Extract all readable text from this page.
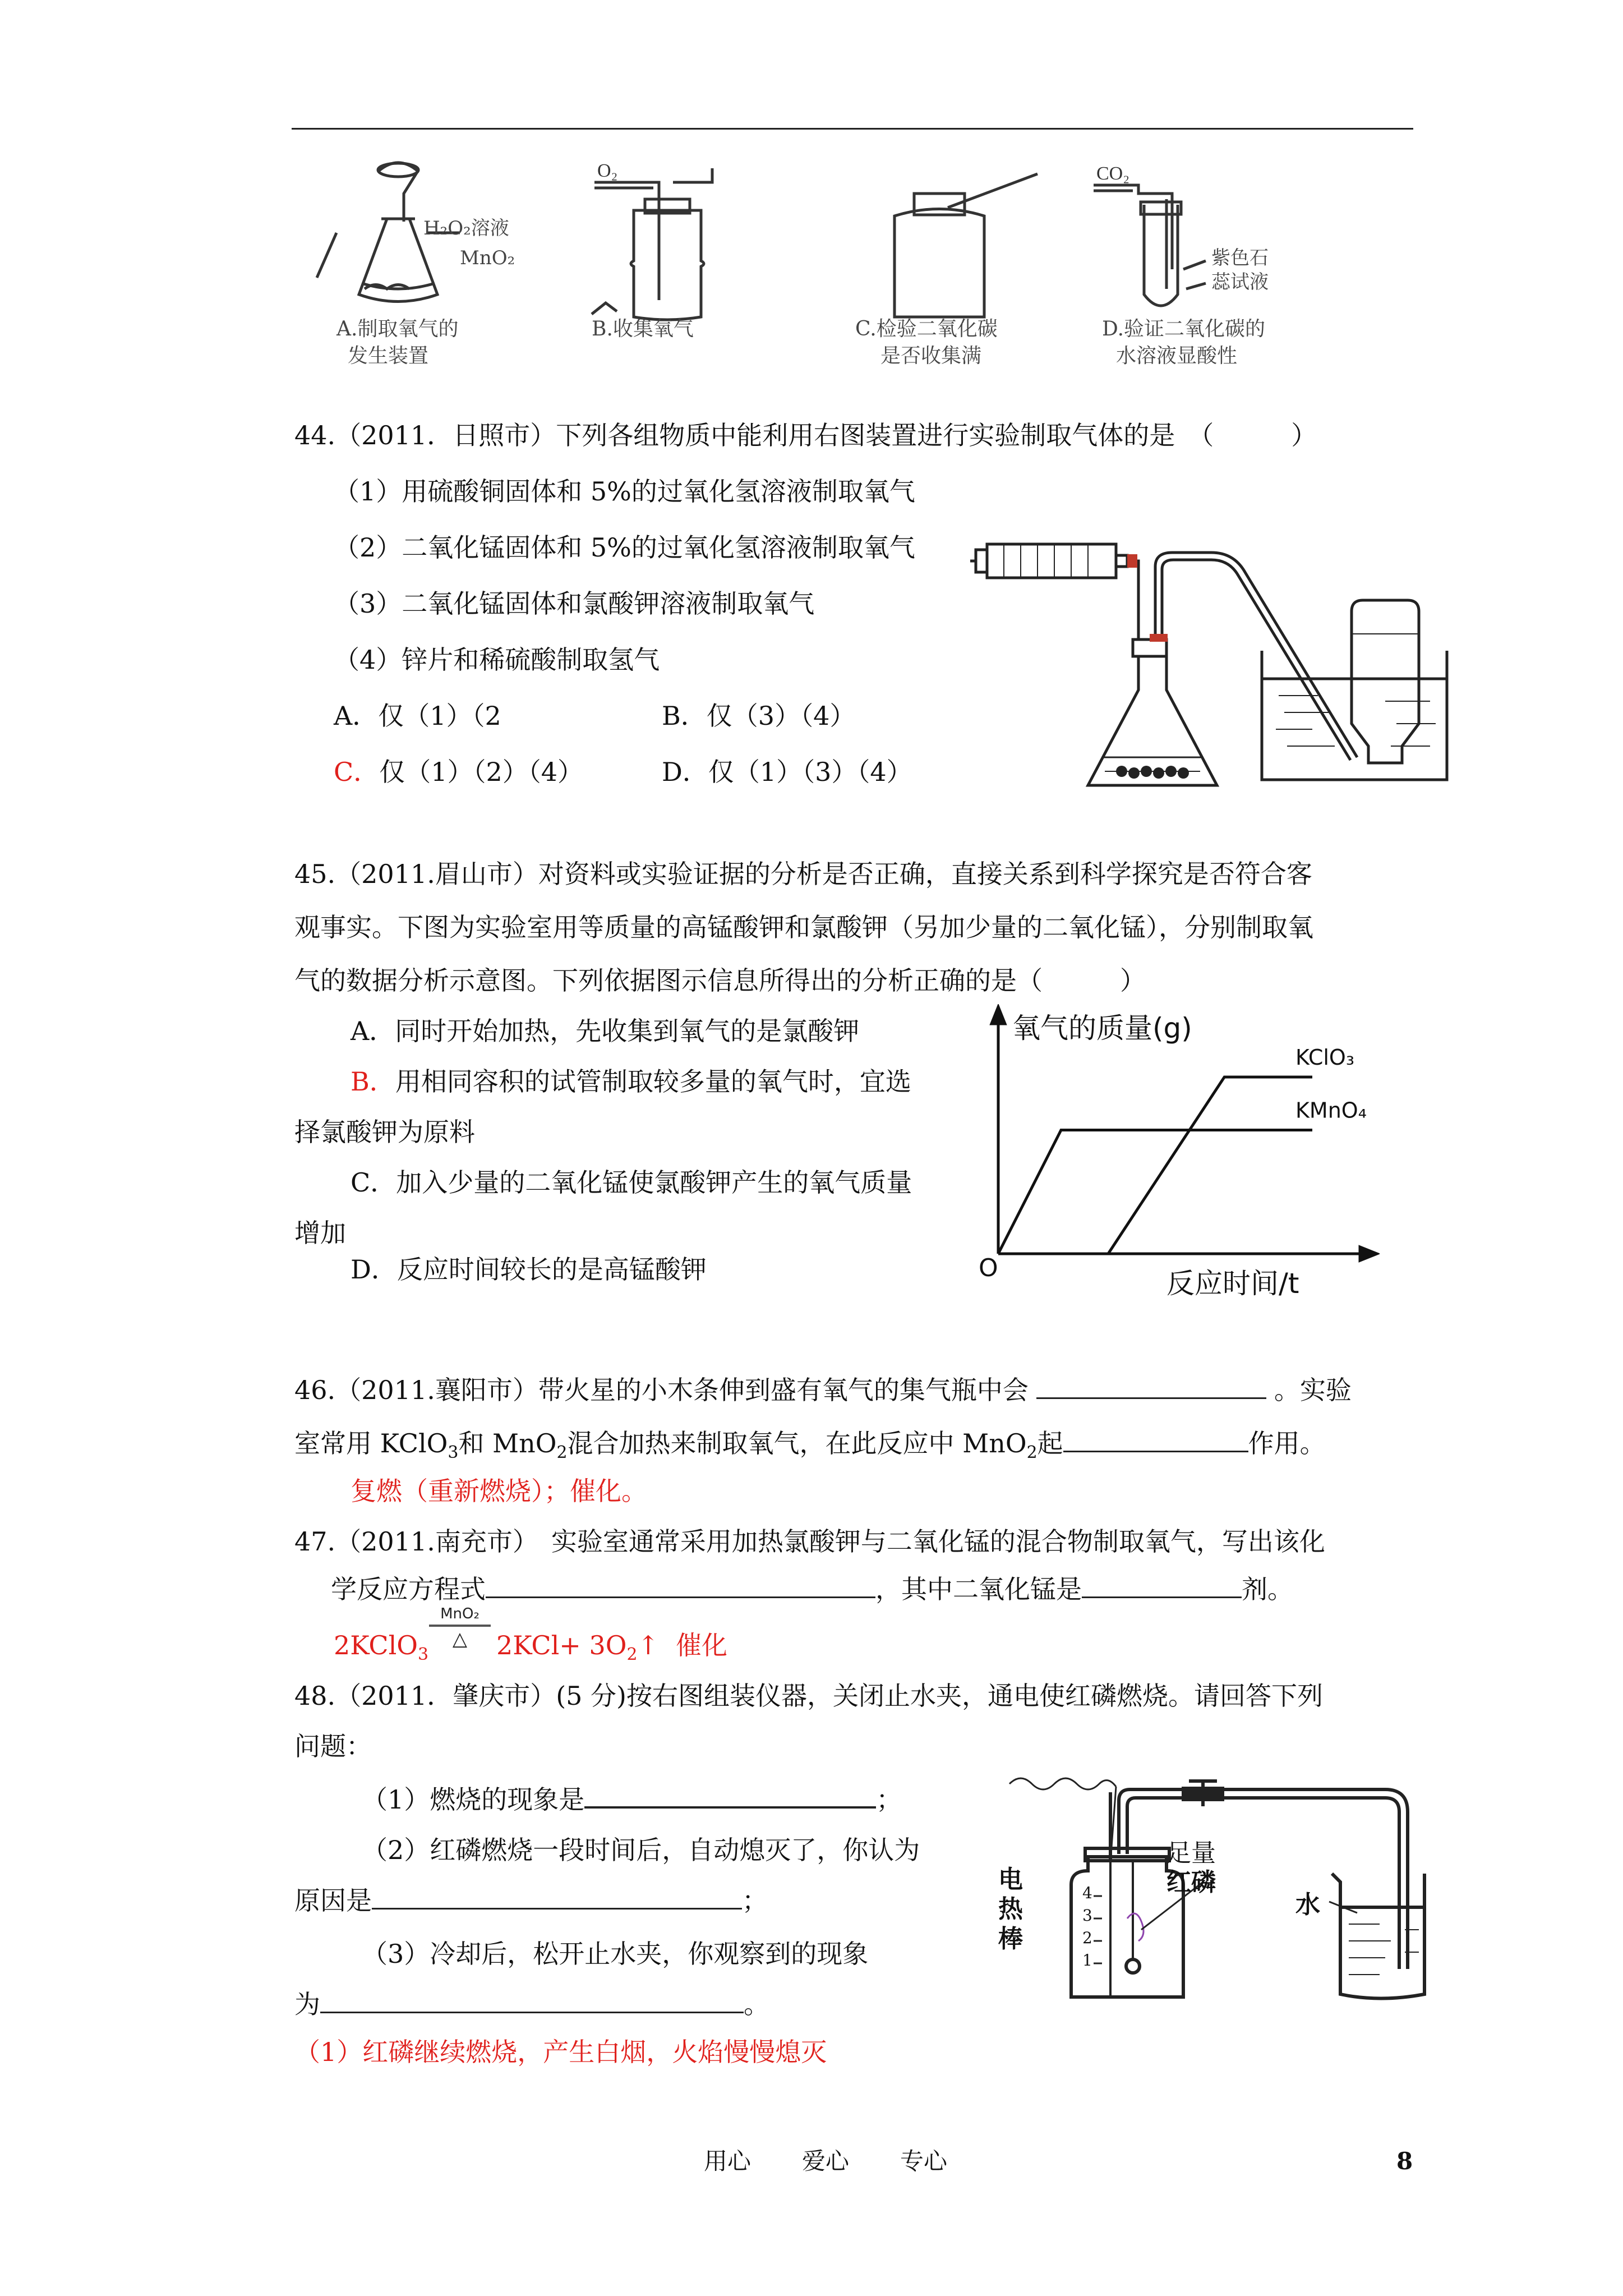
O₂	CO₂
H₂O₂溶液
MnO₂
A.制取氧气的
发生装置
B.收集氧气	C.检验二氧化碳
是否收集满
紫色石
蕊试液
D.验证二氧化碳的
水溶液显酸性
44.（2011．日照市）下列各组物质中能利用右图装置进行实验制取气体的是　（　　　）
（1）用硫酸铜固体和 5%的过氧化氢溶液制取氧气
（2）二氧化锰固体和 5%的过氧化氢溶液制取氧气
（3）二氧化锰固体和氯酸钾溶液制取氧气
（4）锌片和稀硫酸制取氢气
A．仅（1）（2	B．仅（3）（4）
C．仅（1）（2）（4）	D．仅（1）（3）（4）
45.（2011.眉山市）对资料或实验证据的分析是否正确，直接关系到科学探究是否符合客
观事实。下图为实验室用等质量的高锰酸钾和氯酸钾（另加少量的二氧化锰），分别制取氧
气的数据分析示意图。下列依据图示信息所得出的分析正确的是（　　　）
A．同时开始加热，先收集到氧气的是氯酸钾
B．用相同容积的试管制取较多量的氧气时，宜选
择氯酸钾为原料
C．加入少量的二氧化锰使氯酸钾产生的氧气质量
增加
D．反应时间较长的是高锰酸钾
氧气的质量(g)
反应时间/t
O
KClO₃
KMnO₄
46.（2011.襄阳市）带火星的小木条伸到盛有氧气的集气瓶中会	。实验
室常用 KClO$_3$和 MnO$_2$混合加热来制取氧气，在此反应中 MnO$_2$起	作用。
复燃（重新燃烧）；催化。
47.（2011.南充市）　实验室通常采用加热氯酸钾与二氧化锰的混合物制取氧气，写出该化
学反应方程式	，其中二氧化锰是	剂。
2KClO$_3$
MnO₂
△	$2KCl+ 3O_2↑$ 催化
48.（2011．肇庆市）(5 分)按右图组装仪器，关闭止水夹，通电使红磷燃烧。请回答下列
问题：
（1）燃烧的现象是	；
（2）红磷燃烧一段时间后，自动熄灭了，你认为
原因是	；
（3）冷却后，松开止水夹，你观察到的现象
为	。
（1）红磷继续燃烧，产生白烟，火焰慢慢熄灭
电
热
棒
足量
红磷
水
4
3
2
1
用心 爱心 专心	8
